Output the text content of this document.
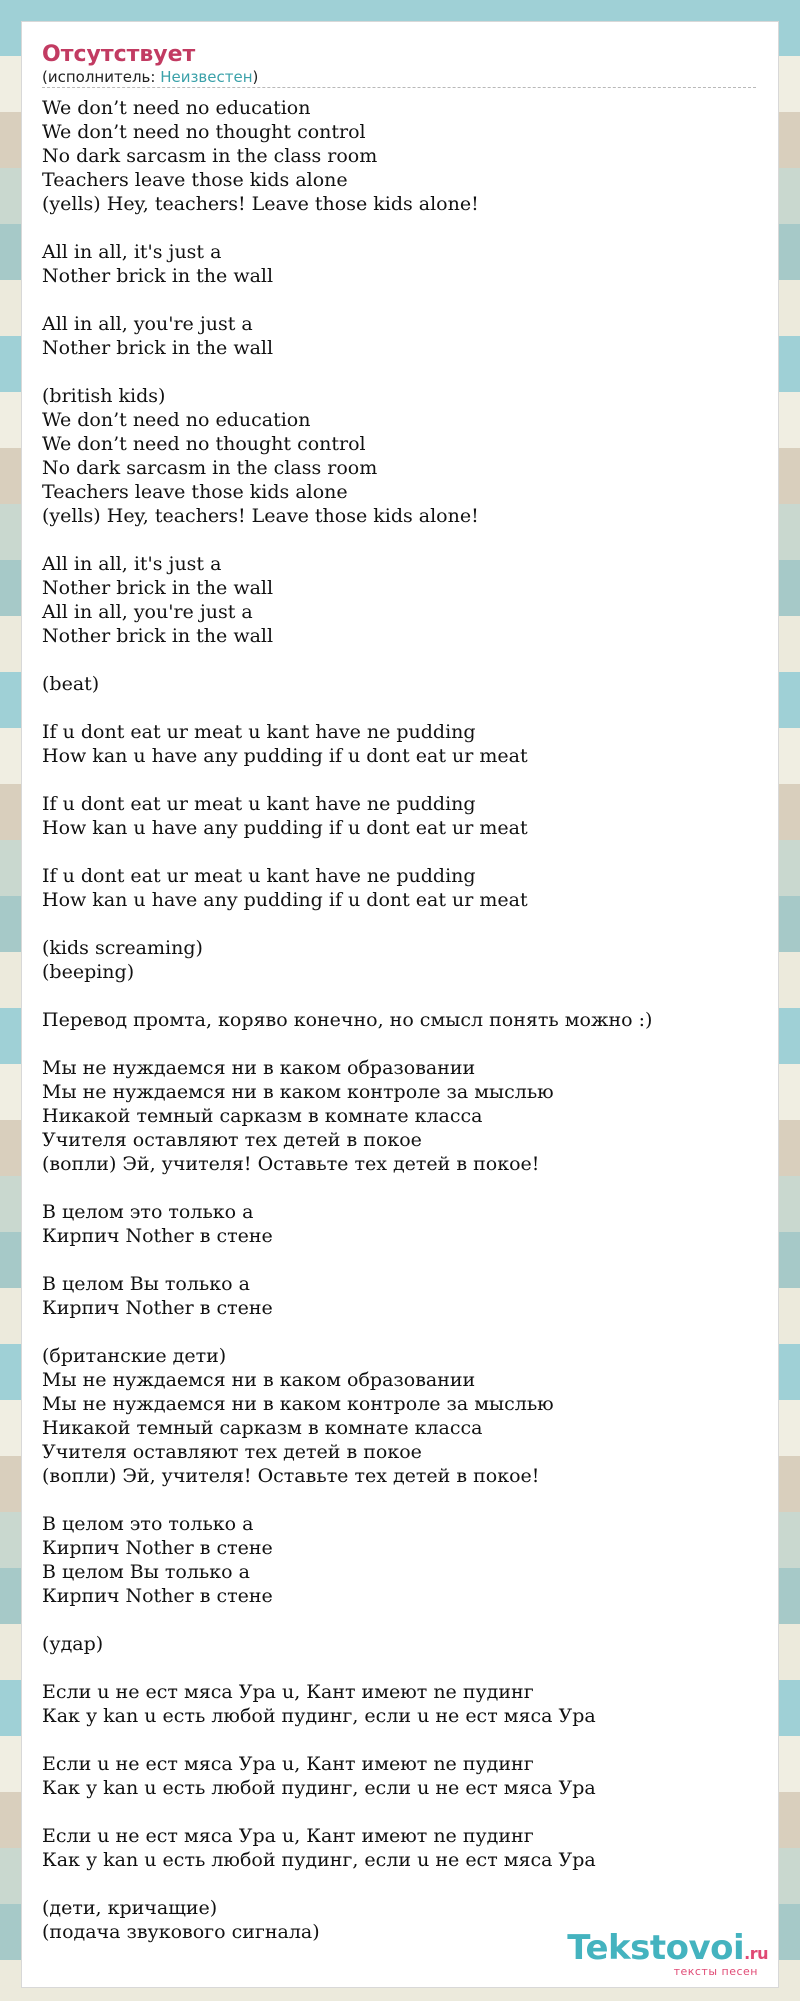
Отсутствует
(исполнитель: Неизвестен)
We don’t need no education
We don’t need no thought control
No dark sarcasm in the class room
Teachers leave those kids alone
(yells) Hey, teachers! Leave those kids alone!

All in all, it's just a
Nother brick in the wall

All in all, you're just a
Nother brick in the wall

(british kids)
We don’t need no education
We don’t need no thought control
No dark sarcasm in the class room
Teachers leave those kids alone
(yells) Hey, teachers! Leave those kids alone!

All in all, it's just a
Nother brick in the wall
All in all, you're just a
Nother brick in the wall

(beat)

If u dont eat ur meat u kant have ne pudding
How kan u have any pudding if u dont eat ur meat

If u dont eat ur meat u kant have ne pudding
How kan u have any pudding if u dont eat ur meat

If u dont eat ur meat u kant have ne pudding
How kan u have any pudding if u dont eat ur meat

(kids screaming)
(beeping)

Перевод промта, коряво конечно, но смысл понять можно :)

Мы не нуждаемся ни в каком образовании
Мы не нуждаемся ни в каком контроле за мыслью
Никакой темный сарказм в комнате класса
Учителя оставляют тех детей в покое
(вопли) Эй, учителя! Оставьте тех детей в покое!

В целом это только а
Кирпич Nother в стене

В целом Вы только а
Кирпич Nother в стене

(британские дети)
Мы не нуждаемся ни в каком образовании
Мы не нуждаемся ни в каком контроле за мыслью
Никакой темный сарказм в комнате класса
Учителя оставляют тех детей в покое
(вопли) Эй, учителя! Оставьте тех детей в покое!

В целом это только а
Кирпич Nother в стене
В целом Вы только а
Кирпич Nother в стене

(удар)

Если u не ест мяса Ура u, Кант имеют ne пудинг
Как у kan u есть любой пудинг, если u не ест мяса Ура

Если u не ест мяса Ура u, Кант имеют ne пудинг
Как у kan u есть любой пудинг, если u не ест мяса Ура

Если u не ест мяса Ура u, Кант имеют ne пудинг
Как у kan u есть любой пудинг, если u не ест мяса Ура

(дети, кричащие)
(подача звукового сигнала)	Tekstovoi.ru
тексты песен
